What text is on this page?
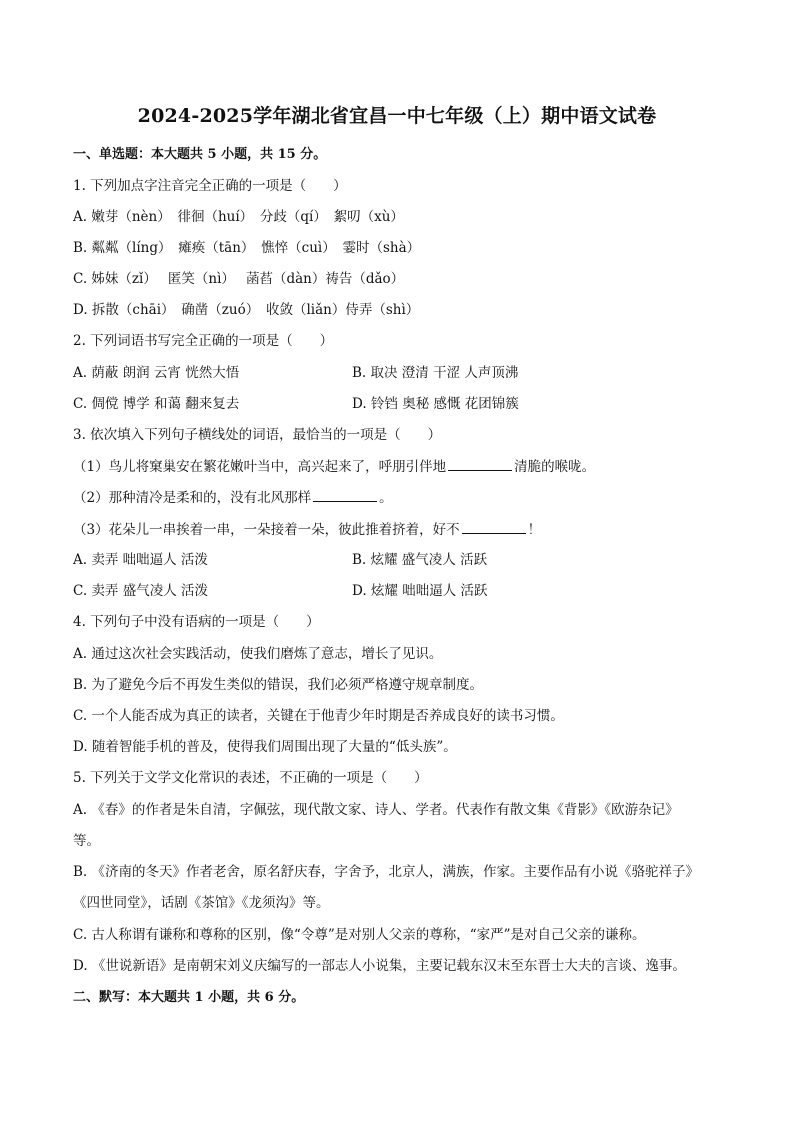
2024-2025学年湖北省宜昌一中七年级（上）期中语文试卷
一、单选题：本大题共 5 小题，共 15 分。
1. 下列加点字注音完全正确的一项是（　　）
A. 嫩芽（nèn）　徘徊（huí）　分歧（qí）　絮叨（xù）
B. 粼粼（líng）　瘫痪（tān）　憔悴（cuì）　霎时（shà）
C. 姊妹（zǐ）　 匿笑（nì）　 菡萏（dàn）祷告（dǎo）
D. 拆散（chāi）　确凿（zuó）　收敛（liǎn）侍弄（shì）
2. 下列词语书写完全正确的一项是（　　）
A. 荫蔽 朗润 云宵 恍然大悟	B. 取决 澄清 干涩 人声顶沸
C. 倜傥 博学 和蔼 翻来复去	D. 铃铛 奥秘 感慨 花团锦簇
3. 依次填入下列句子横线处的词语，最恰当的一项是（　　）
（1）鸟儿将窠巢安在繁花嫩叶当中，高兴起来了，呼朋引伴地	清脆的喉咙。
（2）那种清冷是柔和的，没有北风那样	。
（3）花朵儿一串挨着一串，一朵接着一朵，彼此推着挤着，好不	！
A. 卖弄 咄咄逼人 活泼	B. 炫耀 盛气凌人 活跃
C. 卖弄 盛气凌人 活泼	D. 炫耀 咄咄逼人 活跃
4. 下列句子中没有语病的一项是（　　）
A. 通过这次社会实践活动，使我们磨炼了意志，增长了见识。
B. 为了避免今后不再发生类似的错误，我们必须严格遵守规章制度。
C. 一个人能否成为真正的读者，关键在于他青少年时期是否养成良好的读书习惯。
D. 随着智能手机的普及，使得我们周围出现了大量的“低头族”。
5. 下列关于文学文化常识的表述，不正确的一项是（　　）
A. 《春》的作者是朱自清，字佩弦，现代散文家、诗人、学者。代表作有散文集《背影》《欧游杂记》
等。
B. 《济南的冬天》作者老舍，原名舒庆春，字舍予，北京人，满族，作家。主要作品有小说《骆驼祥子》
《四世同堂》，话剧《茶馆》《龙须沟》等。
C. 古人称谓有谦称和尊称的区别，像“令尊”是对别人父亲的尊称，“家严”是对自己父亲的谦称。
D. 《世说新语》是南朝宋刘义庆编写的一部志人小说集，主要记载东汉末至东晋士大夫的言谈、逸事。
二、默写：本大题共 1 小题，共 6 分。
